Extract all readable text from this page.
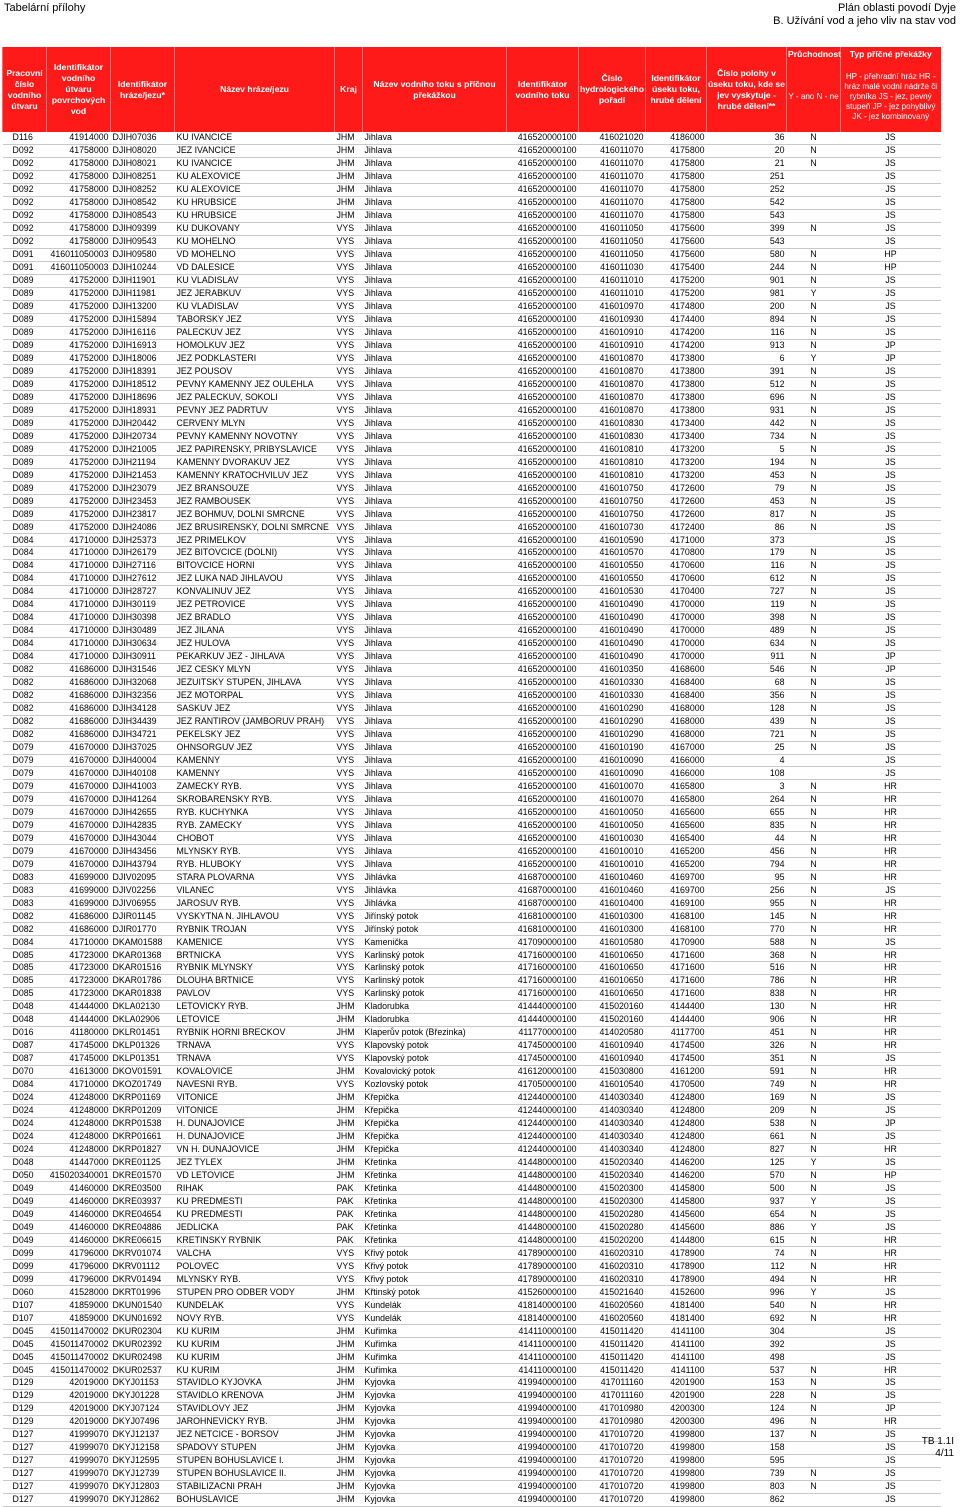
Tabelární přílohy	Plán oblasti povodí Dyje
B. Užívání vod a jeho vliv na stav vod
Pracovní číslo vodního útvaru	Identifikátor vodního útvaru povrchových vod	Identifikátor hráze/jezu*	Název hráze/jezu	Kraj	Název vodního toku s příčnou překážkou	Identifikátor vodního toku	Číslo hydrologického pořadí	Identifikátor úseku toku, hrubé dělení	Číslo polohy v úseku toku, kde se jev vyskytuje - hrubé dělení**	Průchodnost	Typ příčné překážky
										Y - ano N - ne	HP - přehradní hráz HR - hráz malé vodní nádrže či rybníka JS - jez, pevný stupeň JP - jez pohyblivý JK - jez kombinovaný
D116	41914000	DJIH07036	KU IVANCICE	JHM	Jihlava	416520000100	416021020	4186000	36	N	JS
D092	41758000	DJIH08020	JEZ IVANCICE	JHM	Jihlava	416520000100	416011070	4175800	20	N	JS
D092	41758000	DJIH08021	KU IVANCICE	JHM	Jihlava	416520000100	416011070	4175800	21	N	JS
D092	41758000	DJIH08251	KU ALEXOVICE	JHM	Jihlava	416520000100	416011070	4175800	251		JS
D092	41758000	DJIH08252	KU ALEXOVICE	JHM	Jihlava	416520000100	416011070	4175800	252		JS
D092	41758000	DJIH08542	KU HRUBSICE	JHM	Jihlava	416520000100	416011070	4175800	542		JS
D092	41758000	DJIH08543	KU HRUBSICE	JHM	Jihlava	416520000100	416011070	4175800	543		JS
D092	41758000	DJIH09399	KU DUKOVANY	VYS	Jihlava	416520000100	416011050	4175600	399	N	JS
D092	41758000	DJIH09543	KU MOHELNO	VYS	Jihlava	416520000100	416011050	4175600	543		JS
D091	416011050003	DJIH09580	VD MOHELNO	VYS	Jihlava	416520000100	416011050	4175600	580	N	HP
D091	416011050003	DJIH10244	VD DALESICE	VYS	Jihlava	416520000100	416011030	4175400	244	N	HP
D089	41752000	DJIH11901	KU VLADISLAV	VYS	Jihlava	416520000100	416011010	4175200	901	N	JS
D089	41752000	DJIH11981	JEZ JERABKUV	VYS	Jihlava	416520000100	416011010	4175200	981	Y	JS
D089	41752000	DJIH13200	KU VLADISLAV	VYS	Jihlava	416520000100	416010970	4174800	200	N	JS
D089	41752000	DJIH15894	TABORSKY JEZ	VYS	Jihlava	416520000100	416010930	4174400	894	N	JS
D089	41752000	DJIH16116	PALECKUV JEZ	VYS	Jihlava	416520000100	416010910	4174200	116	N	JS
D089	41752000	DJIH16913	HOMOLKUV JEZ	VYS	Jihlava	416520000100	416010910	4174200	913	N	JP
D089	41752000	DJIH18006	JEZ PODKLASTERI	VYS	Jihlava	416520000100	416010870	4173800	6	Y	JP
D089	41752000	DJIH18391	JEZ POUSOV	VYS	Jihlava	416520000100	416010870	4173800	391	N	JS
D089	41752000	DJIH18512	PEVNY KAMENNY JEZ OULEHLA	VYS	Jihlava	416520000100	416010870	4173800	512	N	JS
D089	41752000	DJIH18696	JEZ PALECKUV, SOKOLI	VYS	Jihlava	416520000100	416010870	4173800	696	N	JS
D089	41752000	DJIH18931	PEVNY JEZ PADRTUV	VYS	Jihlava	416520000100	416010870	4173800	931	N	JS
D089	41752000	DJIH20442	CERVENY MLYN	VYS	Jihlava	416520000100	416010830	4173400	442	N	JS
D089	41752000	DJIH20734	PEVNY KAMENNY NOVOTNY	VYS	Jihlava	416520000100	416010830	4173400	734	N	JS
D089	41752000	DJIH21005	JEZ PAPIRENSKY, PRIBYSLAVICE	VYS	Jihlava	416520000100	416010810	4173200	5	N	JS
D089	41752000	DJIH21194	KAMENNY DVORAKUV JEZ	VYS	Jihlava	416520000100	416010810	4173200	194	N	JS
D089	41752000	DJIH21453	KAMENNY KRATOCHVILUV JEZ	VYS	Jihlava	416520000100	416010810	4173200	453	N	JS
D089	41752000	DJIH23079	JEZ BRANSOUZE	VYS	Jihlava	416520000100	416010750	4172600	79	N	JS
D089	41752000	DJIH23453	JEZ RAMBOUSEK	VYS	Jihlava	416520000100	416010750	4172600	453	N	JS
D089	41752000	DJIH23817	JEZ BOHMUV, DOLNI SMRCNE	VYS	Jihlava	416520000100	416010750	4172600	817	N	JS
D089	41752000	DJIH24086	JEZ BRUSIRENSKY, DOLNI SMRCNE	VYS	Jihlava	416520000100	416010730	4172400	86	N	JS
D084	41710000	DJIH25373	JEZ PRIMELKOV	VYS	Jihlava	416520000100	416010590	4171000	373		JS
D084	41710000	DJIH26179	JEZ BITOVCICE (DOLNI)	VYS	Jihlava	416520000100	416010570	4170800	179	N	JS
D084	41710000	DJIH27116	BITOVCICE HORNI	VYS	Jihlava	416520000100	416010550	4170600	116	N	JS
D084	41710000	DJIH27612	JEZ LUKA NAD JIHLAVOU	VYS	Jihlava	416520000100	416010550	4170600	612	N	JS
D084	41710000	DJIH28727	KONVALINUV JEZ	VYS	Jihlava	416520000100	416010530	4170400	727	N	JS
D084	41710000	DJIH30119	JEZ PETROVICE	VYS	Jihlava	416520000100	416010490	4170000	119	N	JS
D084	41710000	DJIH30398	JEZ BRADLO	VYS	Jihlava	416520000100	416010490	4170000	398	N	JS
D084	41710000	DJIH30489	JEZ JILANA	VYS	Jihlava	416520000100	416010490	4170000	489	N	JS
D084	41710000	DJIH30634	JEZ HULOVA	VYS	Jihlava	416520000100	416010490	4170000	634	N	JS
D084	41710000	DJIH30911	PEKARKUV JEZ - JIHLAVA	VYS	Jihlava	416520000100	416010490	4170000	911	N	JP
D082	41686000	DJIH31546	JEZ CESKY MLYN	VYS	Jihlava	416520000100	416010350	4168600	546	N	JP
D082	41686000	DJIH32068	JEZUITSKY STUPEN, JIHLAVA	VYS	Jihlava	416520000100	416010330	4168400	68	N	JS
D082	41686000	DJIH32356	JEZ MOTORPAL	VYS	Jihlava	416520000100	416010330	4168400	356	N	JS
D082	41686000	DJIH34128	SASKUV JEZ	VYS	Jihlava	416520000100	416010290	4168000	128	N	JS
D082	41686000	DJIH34439	JEZ RANTIROV (JAMBORUV PRAH)	VYS	Jihlava	416520000100	416010290	4168000	439	N	JS
D082	41686000	DJIH34721	PEKELSKY JEZ	VYS	Jihlava	416520000100	416010290	4168000	721	N	JS
D079	41670000	DJIH37025	OHNSORGUV JEZ	VYS	Jihlava	416520000100	416010190	4167000	25	N	JS
D079	41670000	DJIH40004	KAMENNY	VYS	Jihlava	416520000100	416010090	4166000	4		JS
D079	41670000	DJIH40108	KAMENNY	VYS	Jihlava	416520000100	416010090	4166000	108		JS
D079	41670000	DJIH41003	ZAMECKY RYB.	VYS	Jihlava	416520000100	416010070	4165800	3	N	HR
D079	41670000	DJIH41264	SKROBARENSKY RYB.	VYS	Jihlava	416520000100	416010070	4165800	264	N	HR
D079	41670000	DJIH42655	RYB. KUCHYNKA	VYS	Jihlava	416520000100	416010050	4165600	655	N	HR
D079	41670000	DJIH42835	RYB. ZAMECKY	VYS	Jihlava	416520000100	416010050	4165600	835	N	HR
D079	41670000	DJIH43044	CHOBOT	VYS	Jihlava	416520000100	416010030	4165400	44	N	HR
D079	41670000	DJIH43456	MLYNSKY RYB.	VYS	Jihlava	416520000100	416010010	4165200	456	N	HR
D079	41670000	DJIH43794	RYB. HLUBOKY	VYS	Jihlava	416520000100	416010010	4165200	794	N	HR
D083	41699000	DJIV02095	STARA PLOVARNA	VYS	Jihlávka	416870000100	416010460	4169700	95	N	HR
D083	41699000	DJIV02256	VILANEC	VYS	Jihlávka	416870000100	416010460	4169700	256	N	JS
D083	41699000	DJIV06955	JAROSUV RYB.	VYS	Jihlávka	416870000100	416010400	4169100	955	N	HR
D082	41686000	DJIR01145	VYSKYTNA N. JIHLAVOU	VYS	Jiřínský potok	416810000100	416010300	4168100	145	N	HR
D082	41686000	DJIR01770	RYBNIK TROJAN	VYS	Jiřínský potok	416810000100	416010300	4168100	770	N	HR
D084	41710000	DKAM01588	KAMENICE	VYS	Kamenička	417090000100	416010580	4170900	588	N	JS
D085	41723000	DKAR01368	BRTNICKA	VYS	Karlinský potok	417160000100	416010650	4171600	368	N	HR
D085	41723000	DKAR01516	RYBNIK MLYNSKY	VYS	Karlinský potok	417160000100	416010650	4171600	516	N	HR
D085	41723000	DKAR01786	DLOUHA BRTNICE	VYS	Karlinský potok	417160000100	416010650	4171600	786	N	HR
D085	41723000	DKAR01838	PAVLOV	VYS	Karlinský potok	417160000100	416010650	4171600	838	N	HR
D048	41444000	DKLA02130	LETOVICKY RYB.	JHM	Kladorubka	414440000100	415020160	4144400	130	N	HR
D048	41444000	DKLA02906	LETOVICE	JHM	Kladorubka	414440000100	415020160	4144400	906	N	HR
D016	41180000	DKLR01451	RYBNIK HORNI BRECKOV	JHM	Klaperův potok (Březinka)	411770000100	414020580	4117700	451	N	HR
D087	41745000	DKLP01326	TRNAVA	VYS	Klapovský potok	417450000100	416010940	4174500	326	N	HR
D087	41745000	DKLP01351	TRNAVA	VYS	Klapovský potok	417450000100	416010940	4174500	351	N	JS
D070	41613000	DKOV01591	KOVALOVICE	JHM	Kovalovický potok	416120000100	415030800	4161200	591	N	HR
D084	41710000	DKOZ01749	NAVESNI RYB.	VYS	Kozlovský potok	417050000100	416010540	4170500	749	N	HR
D024	41248000	DKRP01169	VITONICE	JHM	Křepička	412440000100	414030340	4124800	169	N	JS
D024	41248000	DKRP01209	VITONICE	JHM	Křepička	412440000100	414030340	4124800	209	N	JS
D024	41248000	DKRP01538	H. DUNAJOVICE	JHM	Křepička	412440000100	414030340	4124800	538	N	JP
D024	41248000	DKRP01661	H. DUNAJOVICE	JHM	Křepička	412440000100	414030340	4124800	661	N	JS
D024	41248000	DKRP01827	VN H. DUNAJOVICE	JHM	Křepička	412440000100	414030340	4124800	827	N	HR
D048	41447000	DKRE01125	JEZ TYLEX	JHM	Křetinka	414480000100	415020340	4146200	125	Y	JS
D050	415020340001	DKRE01570	VD LETOVICE	JHM	Křetinka	414480000100	415020340	4146200	570	N	HP
D049	41460000	DKRE03500	RIHAK	PAK	Křetinka	414480000100	415020300	4145800	500	N	JS
D049	41460000	DKRE03937	KU PREDMESTI	PAK	Křetinka	414480000100	415020300	4145800	937	Y	JS
D049	41460000	DKRE04654	KU PREDMESTI	PAK	Křetinka	414480000100	415020280	4145600	654	N	JS
D049	41460000	DKRE04886	JEDLICKA	PAK	Křetinka	414480000100	415020280	4145600	886	Y	JS
D049	41460000	DKRE06615	KRETINSKY RYBNIK	PAK	Křetinka	414480000100	415020200	4144800	615	N	HR
D099	41796000	DKRV01074	VALCHA	VYS	Křivý potok	417890000100	416020310	4178900	74	N	HR
D099	41796000	DKRV01112	POLOVEC	VYS	Křivý potok	417890000100	416020310	4178900	112	N	HR
D099	41796000	DKRV01494	MLYNSKY RYB.	VYS	Křivý potok	417890000100	416020310	4178900	494	N	HR
D060	41528000	DKRT01996	STUPEN PRO ODBER VODY	JHM	Křtinský potok	415260000100	415021640	4152600	996	Y	JS
D107	41859000	DKUN01540	KUNDELAK	VYS	Kundelák	418140000100	416020560	4181400	540	N	HR
D107	41859000	DKUN01692	NOVY RYB.	VYS	Kundelák	418140000100	416020560	4181400	692	N	HR
D045	415011470002	DKUR02304	KU KURIM	JHM	Kuřimka	414110000100	415011420	4141100	304		JS
D045	415011470002	DKUR02392	KU KURIM	JHM	Kuřimka	414110000100	415011420	4141100	392		JS
D045	415011470002	DKUR02498	KU KURIM	JHM	Kuřimka	414110000100	415011420	4141100	498		JS
D045	415011470002	DKUR02537	KU KURIM	JHM	Kuřimka	414110000100	415011420	4141100	537	N	HR
D129	42019000	DKYJ01153	STAVIDLO KYJOVKA	JHM	Kyjovka	419940000100	417011160	4201900	153	N	JS
D129	42019000	DKYJ01228	STAVIDLO KRENOVA	JHM	Kyjovka	419940000100	417011160	4201900	228	N	JS
D129	42019000	DKYJ07124	STAVIDLOVY JEZ	JHM	Kyjovka	419940000100	417010980	4200300	124	N	JP
D129	42019000	DKYJ07496	JAROHNEVICKY RYB.	JHM	Kyjovka	419940000100	417010980	4200300	496	N	HR
D127	41999070	DKYJ12137	JEZ NETCICE - BORSOV	JHM	Kyjovka	419940000100	417010720	4199800	137	N	JS
D127	41999070	DKYJ12158	SPADOVY STUPEN	JHM	Kyjovka	419940000100	417010720	4199800	158		JS
D127	41999070	DKYJ12595	STUPEN BOHUSLAVICE I.	JHM	Kyjovka	419940000100	417010720	4199800	595		JS
D127	41999070	DKYJ12739	STUPEN BOHUSLAVICE II.	JHM	Kyjovka	419940000100	417010720	4199800	739	N	JS
D127	41999070	DKYJ12803	STABILIZACNI PRAH	JHM	Kyjovka	419940000100	417010720	4199800	803	N	JS
D127	41999070	DKYJ12862	BOHUSLAVICE	JHM	Kyjovka	419940000100	417010720	4199800	862		JS
TB 1.1I
4/11
